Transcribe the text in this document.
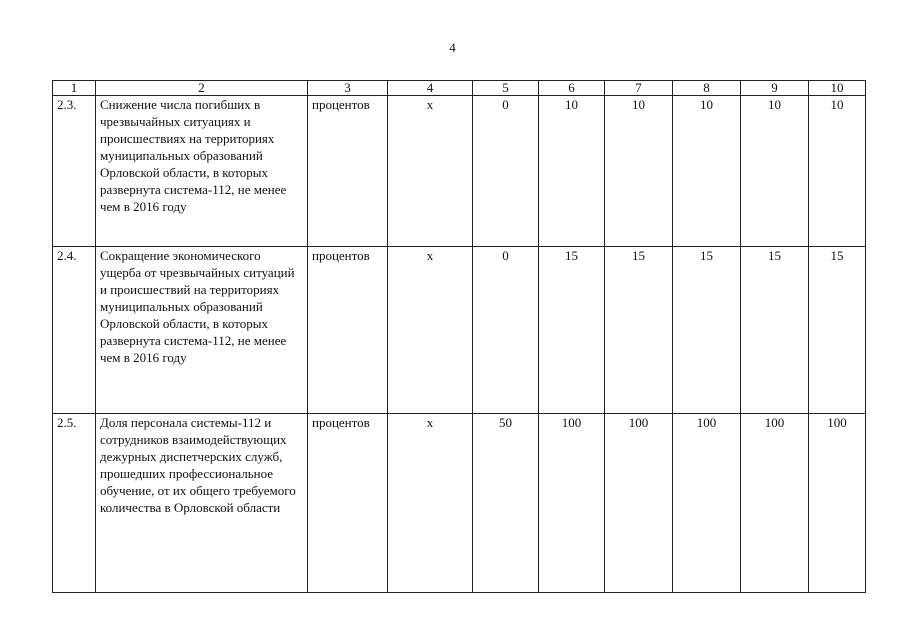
4
1	2	3	4	5	6	7	8	9	10
2.3.	Снижение числа погибших в чрезвычайных ситуациях и происшествиях на территориях муниципальных образований Орловской области, в которых развернута система-112, не менее чем в 2016 году	процентов	х	0	10	10	10	10	10
2.4.	Сокращение экономического ущерба от чрезвычайных ситуаций и происшествий на территориях муниципальных образований Орловской области, в которых развернута система-112, не менее чем в 2016 году	процентов	х	0	15	15	15	15	15
2.5.	Доля персонала системы-112 и сотрудников взаимодействующих дежурных диспетчерских служб, прошедших профессиональное обучение, от их общего требуемого количества в Орловской области	процентов	х	50	100	100	100	100	100
